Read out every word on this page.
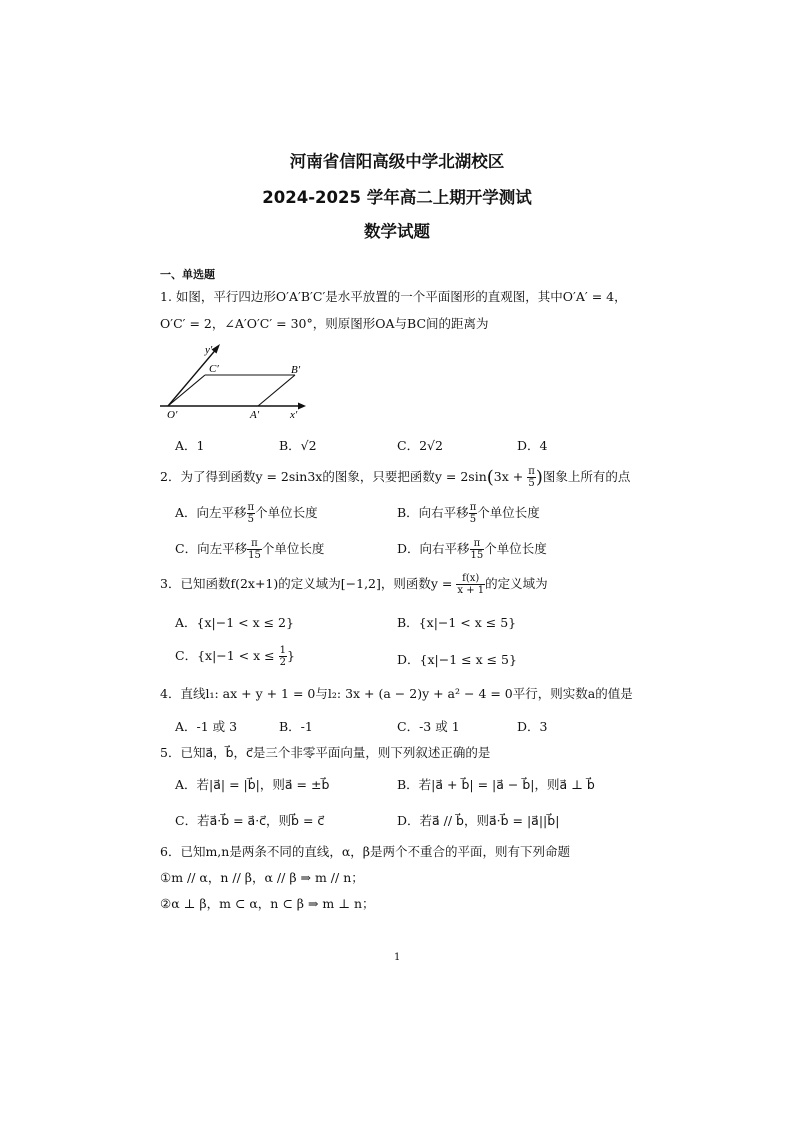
河南省信阳高级中学北湖校区
2024-2025 学年高二上期开学测试
数学试题
一、单选题
1. 如图，平行四边形O′A′B′C′是水平放置的一个平面图形的直观图，其中O′A′ = 4，
O′C′ = 2，∠A′O′C′ = 30°，则原图形OA与BC间的距离为
y′
C′	B′
O′	A′	x′
A．1	B．√2	C．2√2	D．4
2．为了得到函数y = 2sin3x的图象，只要把函数$y = 2\sin(3x + \frac{\pi}{5}$ )图象上所有的点
A．向左平移 $\frac{\pi}{5}$ 个单位长度	B．向右平移 $\frac{\pi}{5}$ 个单位长度
C．向左平移 $\frac{\pi}{15}$ 个单位长度	D．向右平移 $\frac{\pi}{15}$ 个单位长度
3．已知函数f(2x+1)的定义域为[−1,2]，则函数$y = \frac{f(x)}{x + 1}$ 的定义域为
A．{x|−1 < x ≤ 2}	B．{x|−1 < x ≤ 5}
C．{$x|-1 < x \le \frac{1}{2}$ }	D．{x|−1 ≤ x ≤ 5}
4．直线l₁: ax + y + 1 = 0与l₂: 3x + (a − 2)y + a² − 4 = 0平行，则实数a的值是
A．-1 或 3	B．-1	C．-3 或 1	D．3
5．已知a⃗，b⃗，c⃗是三个非零平面向量，则下列叙述正确的是
A．若|a⃗| = |b⃗|，则a⃗ = ±b⃗	B．若|a⃗ + b⃗| = |a⃗ − b⃗|，则a⃗ ⊥ b⃗
C．若a⃗·b⃗ = a⃗·c⃗，则b⃗ = c⃗	D．若a⃗ // b⃗，则a⃗·b⃗ = |a⃗||b⃗|
6．已知m,n是两条不同的直线，α，β是两个不重合的平面，则有下列命题
①m // α，n // β，α // β ⇒ m // n；
②α ⊥ β，m ⊂ α，n ⊂ β ⇒ m ⊥ n；
1
